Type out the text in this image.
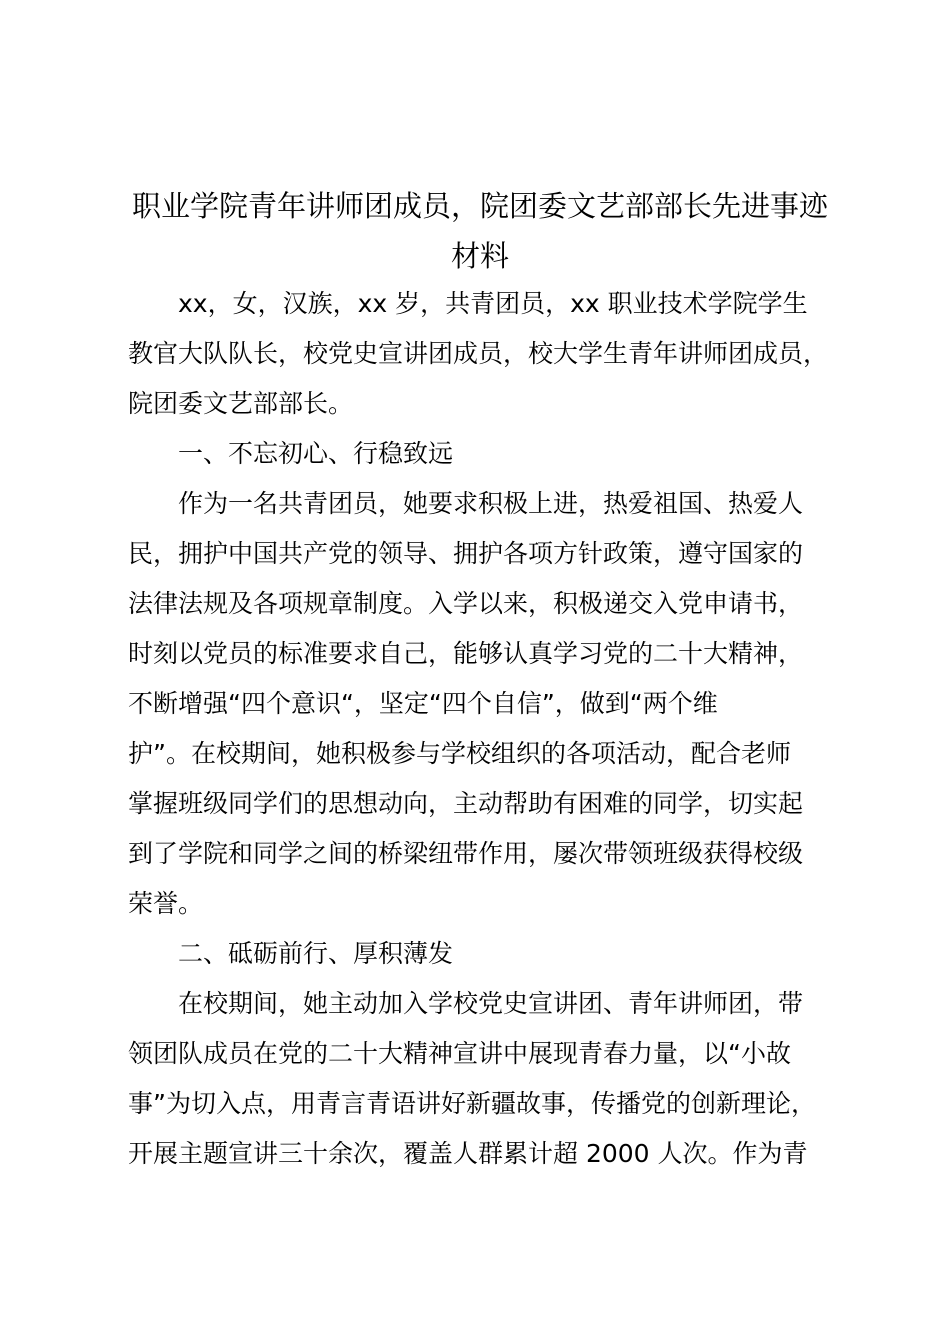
职业学院青年讲师团成员，院团委文艺部部长先进事迹
材料
xx，女，汉族，xx 岁，共青团员，xx 职业技术学院学生
教官大队队长，校党史宣讲团成员，校大学生青年讲师团成员，
院团委文艺部部长。
一、不忘初心、行稳致远
作为一名共青团员，她要求积极上进，热爱祖国、热爱人
民，拥护中国共产党的领导、拥护各项方针政策，遵守国家的
法律法规及各项规章制度。入学以来，积极递交入党申请书，
时刻以党员的标准要求自己，能够认真学习党的二十大精神，
不断增强“四个意识“，坚定“四个自信”，做到“两个维
护”。在校期间，她积极参与学校组织的各项活动，配合老师
掌握班级同学们的思想动向，主动帮助有困难的同学，切实起
到了学院和同学之间的桥梁纽带作用，屡次带领班级获得校级
荣誉。
二、砥砺前行、厚积薄发
在校期间，她主动加入学校党史宣讲团、青年讲师团，带
领团队成员在党的二十大精神宣讲中展现青春力量，以“小故
事”为切入点，用青言青语讲好新疆故事，传播党的创新理论，
开展主题宣讲三十余次，覆盖人群累计超 2000 人次。作为青
